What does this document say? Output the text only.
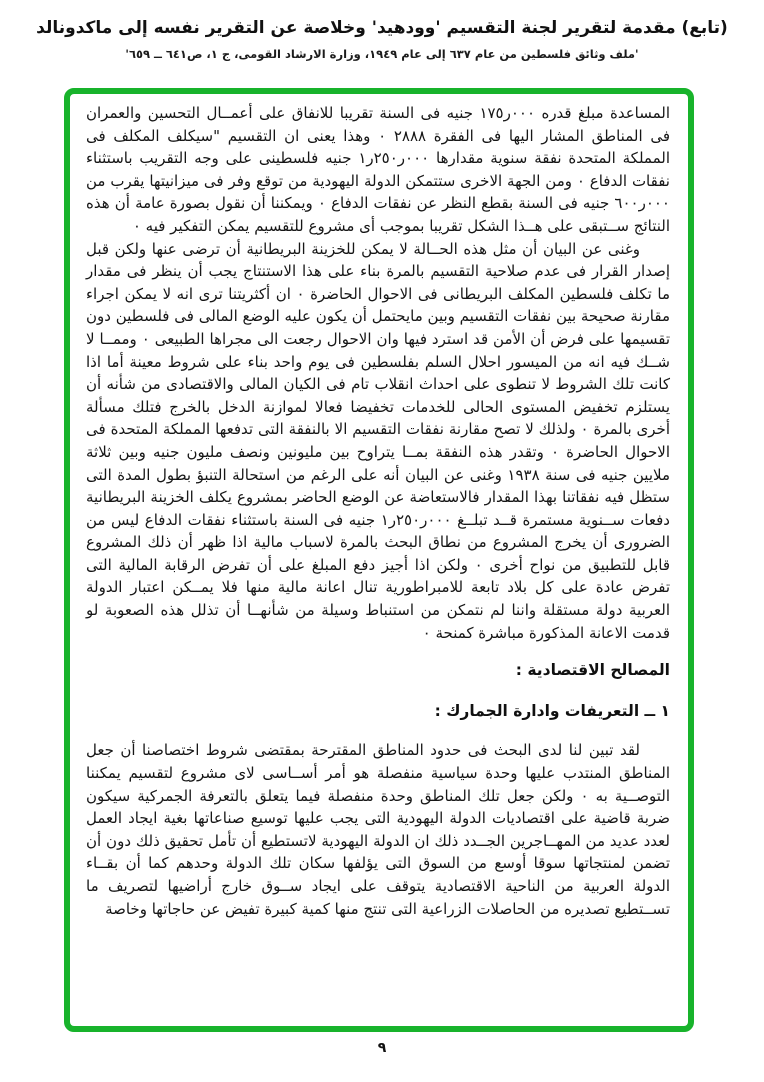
(تابع) مقدمة لتقرير لجنة التقسيم 'وودهيد' وخلاصة عن التقرير نفسه إلى ماكدونالد
'ملف وثائق فلسطين من عام ٦٣٧ إلى عام ١٩٤٩، وزارة الارشاد القومى، ج ١، ص٦٤١ ــ ٦٥٩'

المساعدة مبلغ قدره ‭١٧٥ر٠٠٠‬ جنيه فى السنة تقريبا للانفاق على أعمــال التحسين والعمران فى المناطق المشار اليها فى الفقرة ٢٨٨٨ ٠ وهذا يعنى ان التقسيم "سيكلف المكلف فى المملكة المتحدة نفقة سنوية مقدارها ‭١ر٢٥٠ر٠٠٠‬ جنيه فلسطينى على وجه التقريب باستثناء نفقات الدفاع ٠ ومن الجهة الاخرى ستتمكن الدولة اليهودية من توقع وفر فى ميزانيتها يقرب من ‭٦٠٠ر٠٠٠‬ جنيه فى السنة بقطع النظر عن نفقات الدفاع ٠ ويمكننا أن نقول بصورة عامة أن هذه النتائج ســتبقى على هــذا الشكل تقريبا بموجب أى مشروع للتقسيم يمكن التفكير فيه ٠

وغنى عن البيان أن مثل هذه الحــالة لا يمكن للخزينة البريطانية أن ترضى عنها ولكن قبل إصدار القرار فى عدم صلاحية التقسيم بالمرة بناء على هذا الاستنتاج يجب أن ينظر فى مقدار ما تكلف فلسطين المكلف البريطانى فى الاحوال الحاضرة ٠ ان أكثريتنا ترى انه لا يمكن اجراء مقارنة صحيحة بين نفقات التقسيم وبين مايحتمل أن يكون عليه الوضع المالى فى فلسطين دون تقسيمها على فرض أن الأمن قد استرد فيها وان الاحوال رجعت الى مجراها الطبيعى ٠ وممــا لا شــك فيه انه من الميسور احلال السلم بفلسطين فى يوم واحد بناء على شروط معينة أما اذا كانت تلك الشروط لا تنطوى على احداث انقلاب تام فى الكيان المالى والاقتصادى من شأنه أن يستلزم تخفيض المستوى الحالى للخدمات تخفيضا فعالا لموازنة الدخل بالخرج فتلك مسألة أخرى بالمرة ٠ ولذلك لا تصح مقارنة نفقات التقسيم الا بالنفقة التى تدفعها المملكة المتحدة فى الاحوال الحاضرة ٠ وتقدر هذه النفقة بمــا يتراوح بين مليونين ونصف مليون جنيه وبين ثلاثة ملايين جنيه فى سنة ١٩٣٨ وغنى عن البيان أنه على الرغم من استحالة التنبؤ بطول المدة التى ستظل فيه نفقاتنا بهذا المقدار فالاستعاضة عن الوضع الحاضر بمشروع يكلف الخزينة البريطانية دفعات ســنوية مستمرة قــد تبلــغ ‭١ر٢٥٠ر٠٠٠‬ جنيه فى السنة باستثناء نفقات الدفاع ليس من الضرورى أن يخرج المشروع من نطاق البحث بالمرة لاسباب مالية اذا ظهر أن ذلك المشروع قابل للتطبيق من نواح أخرى ٠ ولكن اذا أجيز دفع المبلغ على أن تفرض الرقابة المالية التى تفرض عادة على كل بلاد تابعة للامبراطورية تنال اعانة مالية منها فلا يمــكن اعتبار الدولة العربية دولة مستقلة واننا لم نتمكن من استنباط وسيلة من شأنهــا أن تذلل هذه الصعوبة لو قدمت الاعانة المذكورة مباشرة كمنحة ٠

المصالح الاقتصادية :
١ ــ التعريفات وادارة الجمارك :

لقد تبين لنا لدى البحث فى حدود المناطق المقترحة بمقتضى شروط اختصاصنا أن جعل المناطق المنتدب عليها وحدة سياسية منفصلة هو أمر أســاسى لاى مشروع لتقسيم يمكننا التوصــية به ٠ ولكن جعل تلك المناطق وحدة منفصلة فيما يتعلق بالتعرفة الجمركية سيكون ضربة قاضية على اقتصاديات الدولة اليهودية التى يجب عليها توسيع صناعاتها بغية ايجاد العمل لعدد عديد من المهــاجرين الجــدد ذلك ان الدولة اليهودية لاتستطيع أن تأمل تحقيق ذلك دون أن تضمن لمنتجاتها سوقا أوسع من السوق التى يؤلفها سكان تلك الدولة وحدهم كما أن بقــاء الدولة العربية من الناحية الاقتصادية يتوقف على ايجاد ســوق خارج أراضيها لتصريف ما تســتطيع تصديره من الحاصلات الزراعية التى تنتج منها كمية كبيرة تفيض عن حاجاتها وخاصة

٩
